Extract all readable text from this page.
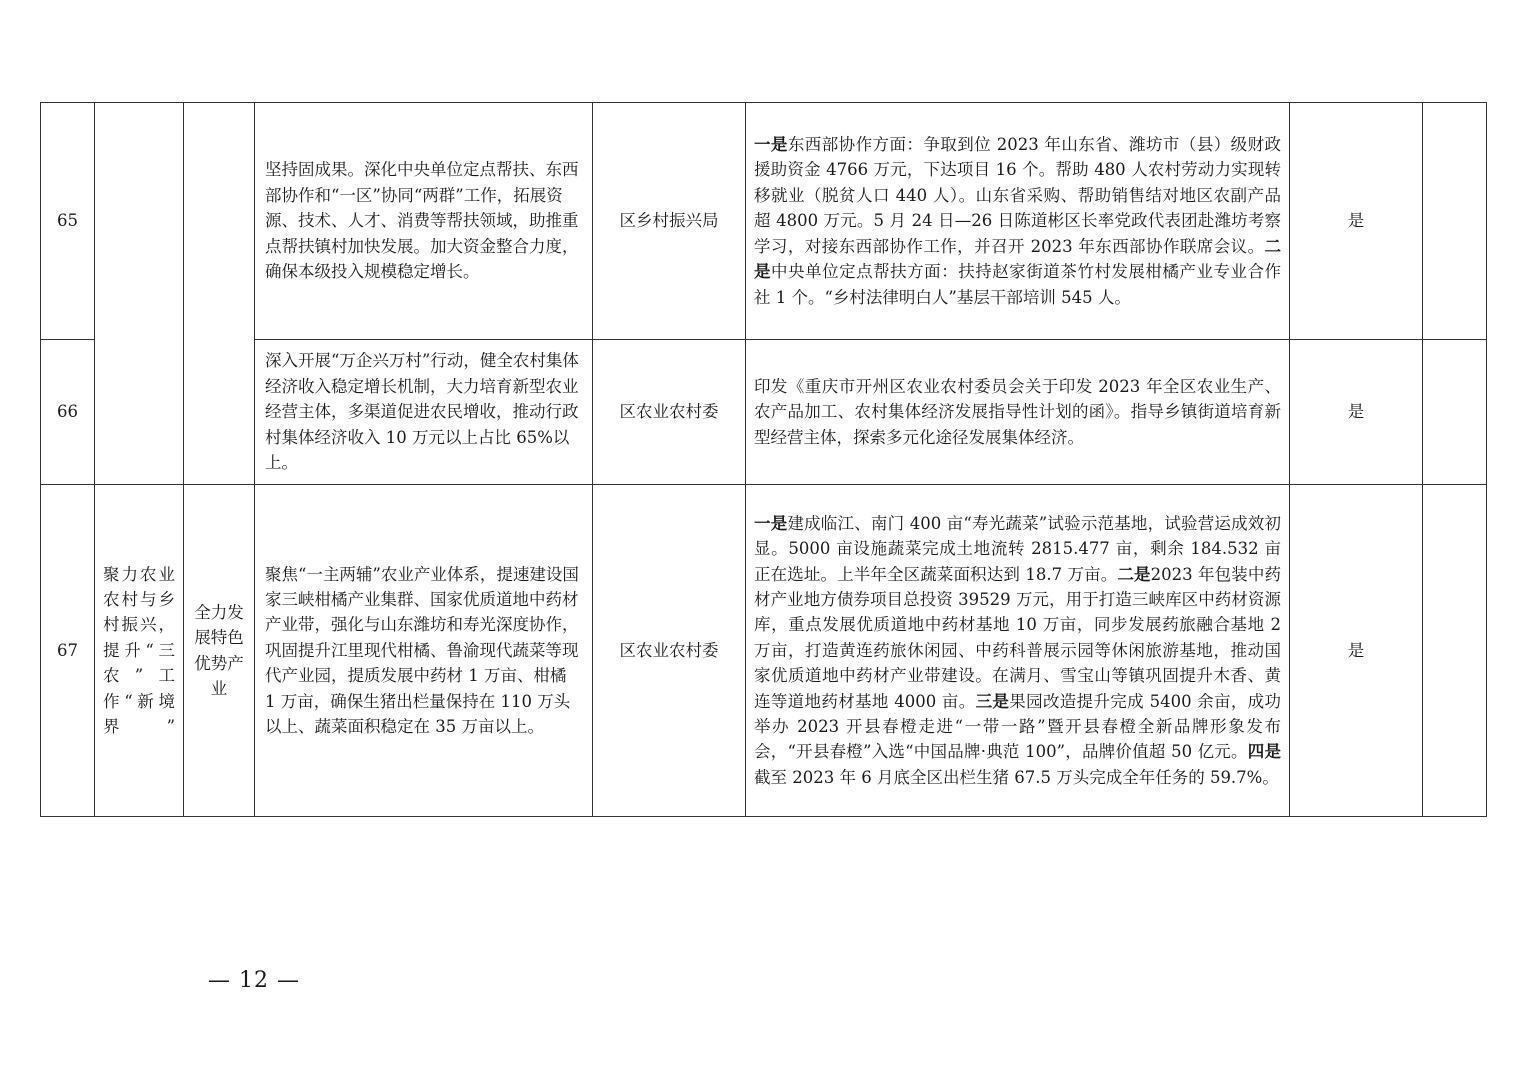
65			坚持固成果。深化中央单位定点帮扶、东西部协作和“一区”协同“两群”工作，拓展资源、技术、人才、消费等帮扶领域，助推重点帮扶镇村加快发展。加大资金整合力度，确保本级投入规模稳定增长。	区乡村振兴局	一是东西部协作方面：争取到位 2023 年山东省、潍坊市（县）级财政援助资金 4766 万元，下达项目 16 个。帮助 480 人农村劳动力实现转移就业（脱贫人口 440 人）。山东省采购、帮助销售结对地区农副产品超 4800 万元。5 月 24 日—26 日陈道彬区长率党政代表团赴潍坊考察学习，对接东西部协作工作，并召开 2023 年东西部协作联席会议。二是中央单位定点帮扶方面：扶持赵家街道茶竹村发展柑橘产业专业合作社 1 个。“乡村法律明白人”基层干部培训 545 人。	是	
66			深入开展“万企兴万村”行动，健全农村集体经济收入稳定增长机制，大力培育新型农业经营主体，多渠道促进农民增收，推动行政村集体经济收入 10 万元以上占比 65%以上。	区农业农村委	印发《重庆市开州区农业农村委员会关于印发 2023 年全区农业生产、农产品加工、农村集体经济发展指导性计划的函》。指导乡镇街道培育新型经营主体，探索多元化途径发展集体经济。	是	
67	聚力农业农村与乡村振兴，提升“三农”工作“新境界”	全力发展特色优势产业	聚焦“一主两辅”农业产业体系，提速建设国家三峡柑橘产业集群、国家优质道地中药材产业带，强化与山东潍坊和寿光深度协作，巩固提升江里现代柑橘、鲁渝现代蔬菜等现代产业园，提质发展中药材 1 万亩、柑橘 1 万亩，确保生猪出栏量保持在 110 万头以上、蔬菜面积稳定在 35 万亩以上。	区农业农村委	一是建成临江、南门 400 亩“寿光蔬菜”试验示范基地，试验营运成效初显。5000 亩设施蔬菜完成土地流转 2815.477 亩，剩余 184.532 亩正在选址。上半年全区蔬菜面积达到 18.7 万亩。二是2023 年包装中药材产业地方债券项目总投资 39529 万元，用于打造三峡库区中药材资源库，重点发展优质道地中药材基地 10 万亩，同步发展药旅融合基地 2 万亩，打造黄连药旅休闲园、中药科普展示园等休闲旅游基地，推动国家优质道地中药材产业带建设。在满月、雪宝山等镇巩固提升木香、黄连等道地药材基地 4000 亩。三是果园改造提升完成 5400 余亩，成功举办 2023 开县春橙走进“一带一路”暨开县春橙全新品牌形象发布会，“开县春橙”入选“中国品牌·典范 100”，品牌价值超 50 亿元。四是截至 2023 年 6 月底全区出栏生猪 67.5 万头完成全年任务的 59.7%。	是	
— 12 —
